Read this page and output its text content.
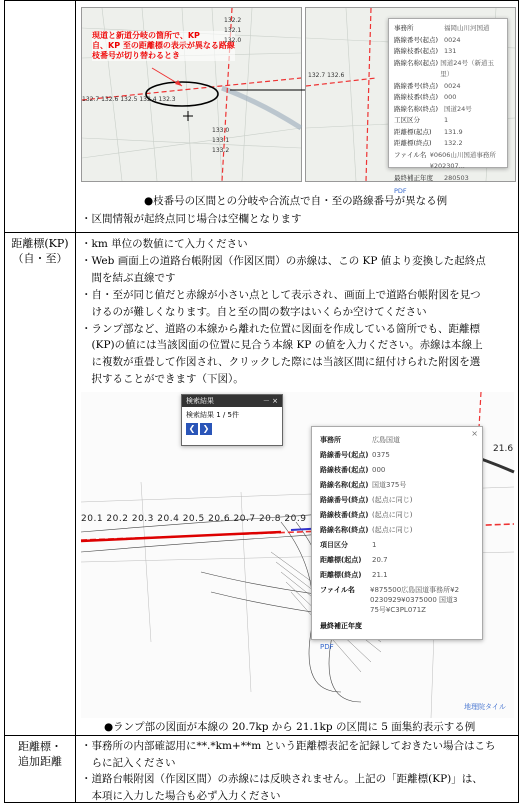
現道と新道分岐の箇所で、KP
自、KP 至の距離標の表示が異なる路線
枝番号が切り替わるとき
132.7 132.6 132.5 132.4 132.3
132.2
132.1
132.0
133.0
133.1
133.2
132.7 132.6
事務所	福岡山川河国道
路線番号(起点) 0024
路線枝番(起点) 131
路線名称(起点) 国道24号（新道玉里）
路線番号(終点) 0024
路線枝番(終点) 000
路線名称(終点) 国道24号
工区区分	1
距離標(起点)	131.9
距離標(終点)	132.2
ファイル名 ¥0606山川国道事務所¥202307...
最終補正年度	280503
PDF
●枝番号の区間との分岐や合流点で自・至の路線番号が異なる例
・区間情報が起終点同じ場合は空欄となります
距離標(KP)
（自・至）
・km 単位の数値にて入力ください
・Web 画面上の道路台帳附図（作図区間）の赤線は、この KP 値より変換した起終点
　間を結ぶ直線です
・自・至が同じ値だと赤線が小さい点として表示され、画面上で道路台帳附図を見つ
　けるのが難しくなります。自と至の間の数字はいくらか空けてください
・ランプ部など、道路の本線から離れた位置に図面を作成している箇所でも、距離標
　(KP)の値には当該図面の位置に見合う本線 KP の値を入力ください。赤線は本線上
　に複数が重畳して作図され、クリックした際には当該区間に紐付けられた附図を選
　択することができます（下図）。
20.1 20.2 20.3 20.4 20.5 20.6 20.7 20.8 20.9
21.6
地理院タイル
検索結果	－ ×
検索結果 1 / 5件
❮ ❯
×
事務所	広島国道
路線番号(起点) 0375
路線枝番(起点) 000
路線名称(起点) 国道375号
路線番号(終点) (起点に同じ)
路線枝番(終点) (起点に同じ)
路線名称(終点) (起点に同じ)
項目区分	1
距離標(起点)	20.7
距離標(終点)	21.1
ファイル名	¥875500広島国道事務所¥2
0230929¥0375000 国道3
75号¥C3PL071Z
最終補正年度
PDF
●ランプ部の図面が本線の 20.7kp から 21.1kp の区間に 5 面集約表示する例
距離標・
追加距離
・事務所の内部確認用に**.*km+**m という距離標表記を記録しておきたい場合はこち
　らに記入ください
・道路台帳附図（作図区間）の赤線には反映されません。上記の「距離標(KP)」は、
　本項に入力した場合も必ず入力ください
